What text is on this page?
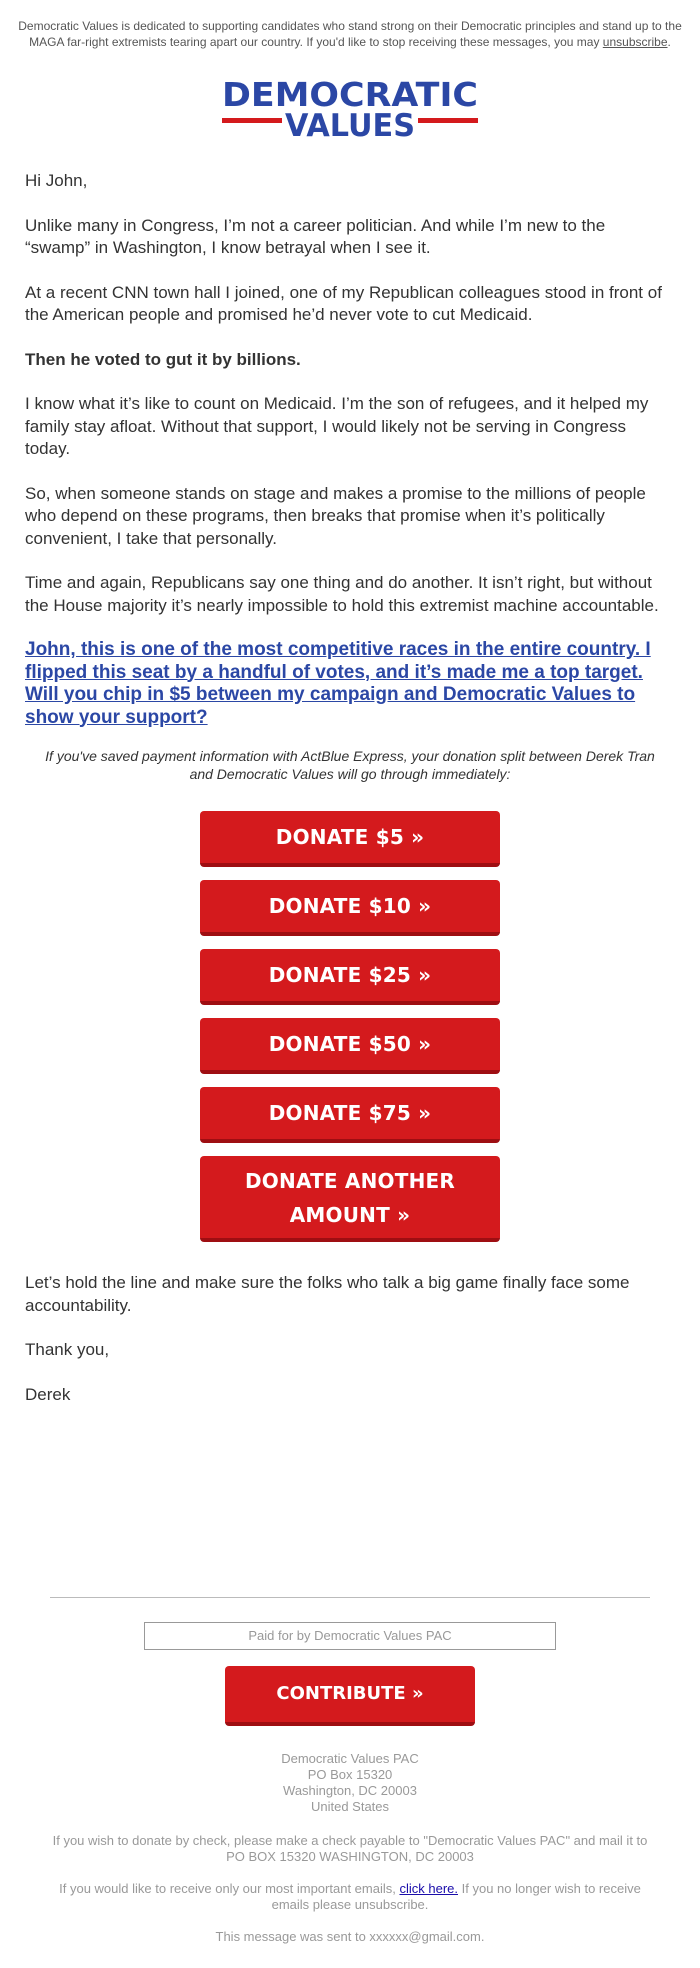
Democratic Values is dedicated to supporting candidates who stand strong on their Democratic principles and stand up to the MAGA far-right extremists tearing apart our country. If you'd like to stop receiving these messages, you may unsubscribe.
DEMOCRATIC
VALUES

Hi John,

Unlike many in Congress, I’m not a career politician. And while I’m new to the “swamp” in Washington, I know betrayal when I see it.

At a recent CNN town hall I joined, one of my Republican colleagues stood in front of the American people and promised he’d never vote to cut Medicaid.

Then he voted to gut it by billions.

I know what it’s like to count on Medicaid. I’m the son of refugees, and it helped my family stay afloat. Without that support, I would likely not be serving in Congress today.

So, when someone stands on stage and makes a promise to the millions of people who depend on these programs, then breaks that promise when it’s politically convenient, I take that personally.

Time and again, Republicans say one thing and do another. It isn’t right, but without the House majority it’s nearly impossible to hold this extremist machine accountable.

John, this is one of the most competitive races in the entire country. I flipped this seat by a handful of votes, and it’s made me a top target. Will you chip in $5 between my campaign and Democratic Values to show your support?
If you've saved payment information with ActBlue Express, your donation split between Derek Tran and Democratic Values will go through immediately:
DONATE $5 »
DONATE $10 »
DONATE $25 »
DONATE $50 »
DONATE $75 »
DONATE ANOTHER AMOUNT »

Let’s hold the line and make sure the folks who talk a big game finally face some accountability.

Thank you,

Derek

Paid for by Democratic Values PAC
CONTRIBUTE »
Democratic Values PAC
PO Box 15320
Washington, DC 20003
United States
If you wish to donate by check, please make a check payable to "Democratic Values PAC" and mail it to PO BOX 15320 WASHINGTON, DC 20003
If you would like to receive only our most important emails, click here. If you no longer wish to receive emails please unsubscribe.
This message was sent to xxxxxx@gmail.com.
